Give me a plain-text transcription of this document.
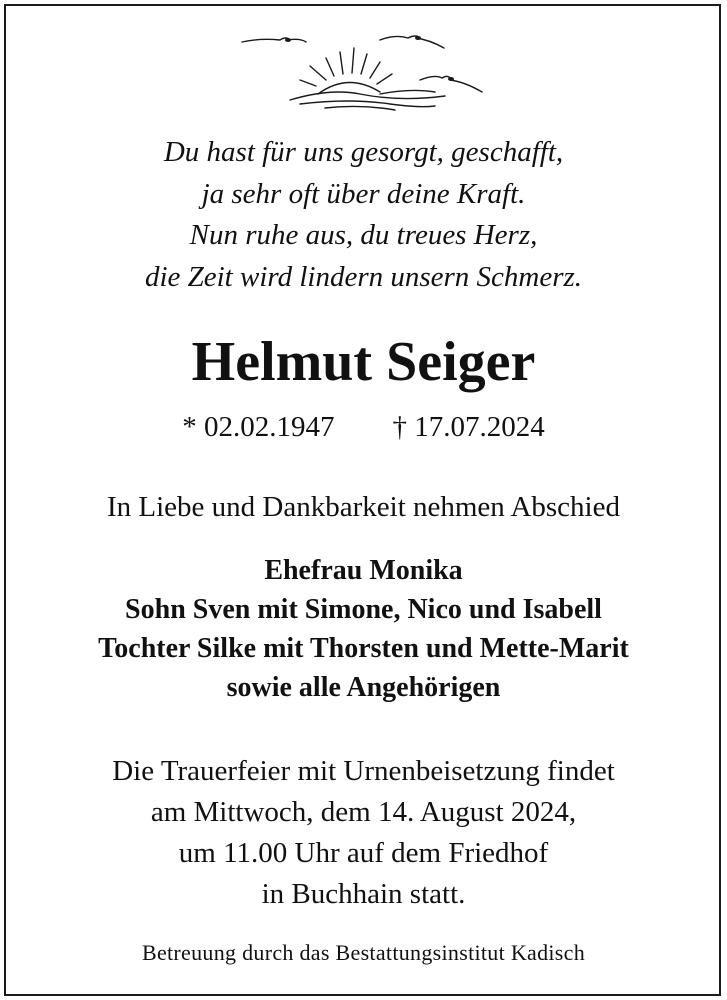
Du hast für uns gesorgt, geschafft,
ja sehr oft über deine Kraft.
Nun ruhe aus, du treues Herz,
die Zeit wird lindern unsern Schmerz.
Helmut Seiger
* 02.02.1947 † 17.07.2024
In Liebe und Dankbarkeit nehmen Abschied
Ehefrau Monika
Sohn Sven mit Simone, Nico und Isabell
Tochter Silke mit Thorsten und Mette-Marit
sowie alle Angehörigen
Die Trauerfeier mit Urnenbeisetzung findet
am Mittwoch, dem 14. August 2024,
um 11.00 Uhr auf dem Friedhof
in Buchhain statt.
Betreuung durch das Bestattungsinstitut Kadisch
